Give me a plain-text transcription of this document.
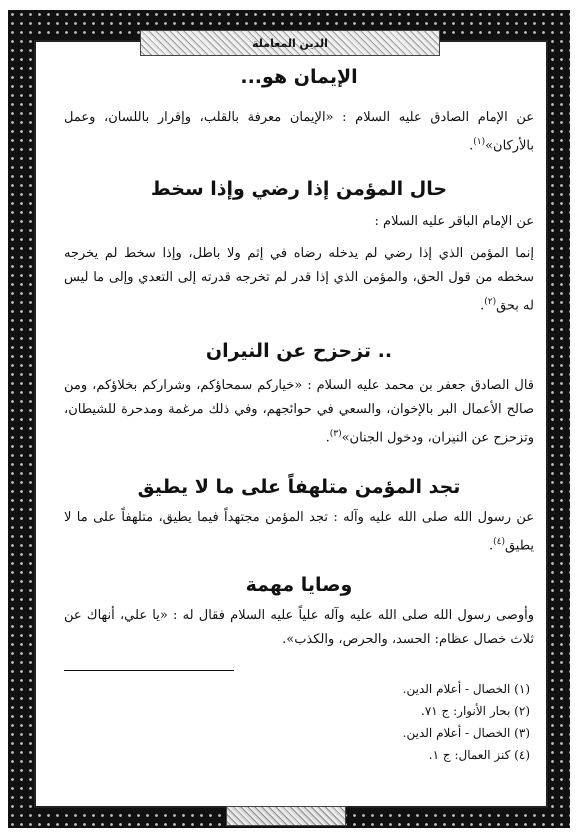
الدين المعاملة
الإيمان هو...

عن الإمام الصادق عليه السلام : «الإيمان معرفة بالقلب، وإقرار باللسان، وعمل بالأركان»$^{(١)}$.

حال المؤمن إذا رضي وإذا سخط

عن الإمام الباقر عليه السلام :

إنما المؤمن الذي إذا رضي لم يدخله رضاه في إثم ولا باطل، وإذا سخط لم يخرجه سخطه من قول الحق، والمؤمن الذي إذا قدر لم تخرجه قدرته إلى التعدي وإلى ما ليس له بحق$^{(٢)}$.

.. تزحزح عن النيران

قال الصادق جعفر بن محمد عليه السلام : «خياركم سمحاؤكم، وشراركم بخلاؤكم، ومن صالح الأعمال البر بالإخوان، والسعي في حوائجهم، وفي ذلك مرغمة ومدحرة للشيطان، وتزحزح عن النيران، ودخول الجنان»$^{(٣)}$.

تجد المؤمن متلهفاً على ما لا يطيق

عن رسول الله صلى الله عليه وآله : تجد المؤمن مجتهداً فيما يطيق، متلهفاً على ما لا يطيق$^{(٤)}$.

وصايا مهمة

وأوصى رسول الله صلى الله عليه وآله علياً عليه السلام فقال له : «يا علي، أنهاك عن ثلاث خصال عظام: الحسد، والحرص، والكذب».

(١) الخصال - أعلام الدين.
(٢) بحار الأنوار: ج ٧١.
(٣) الخصال - أعلام الدين.
(٤) كنز العمال: ج ١.
